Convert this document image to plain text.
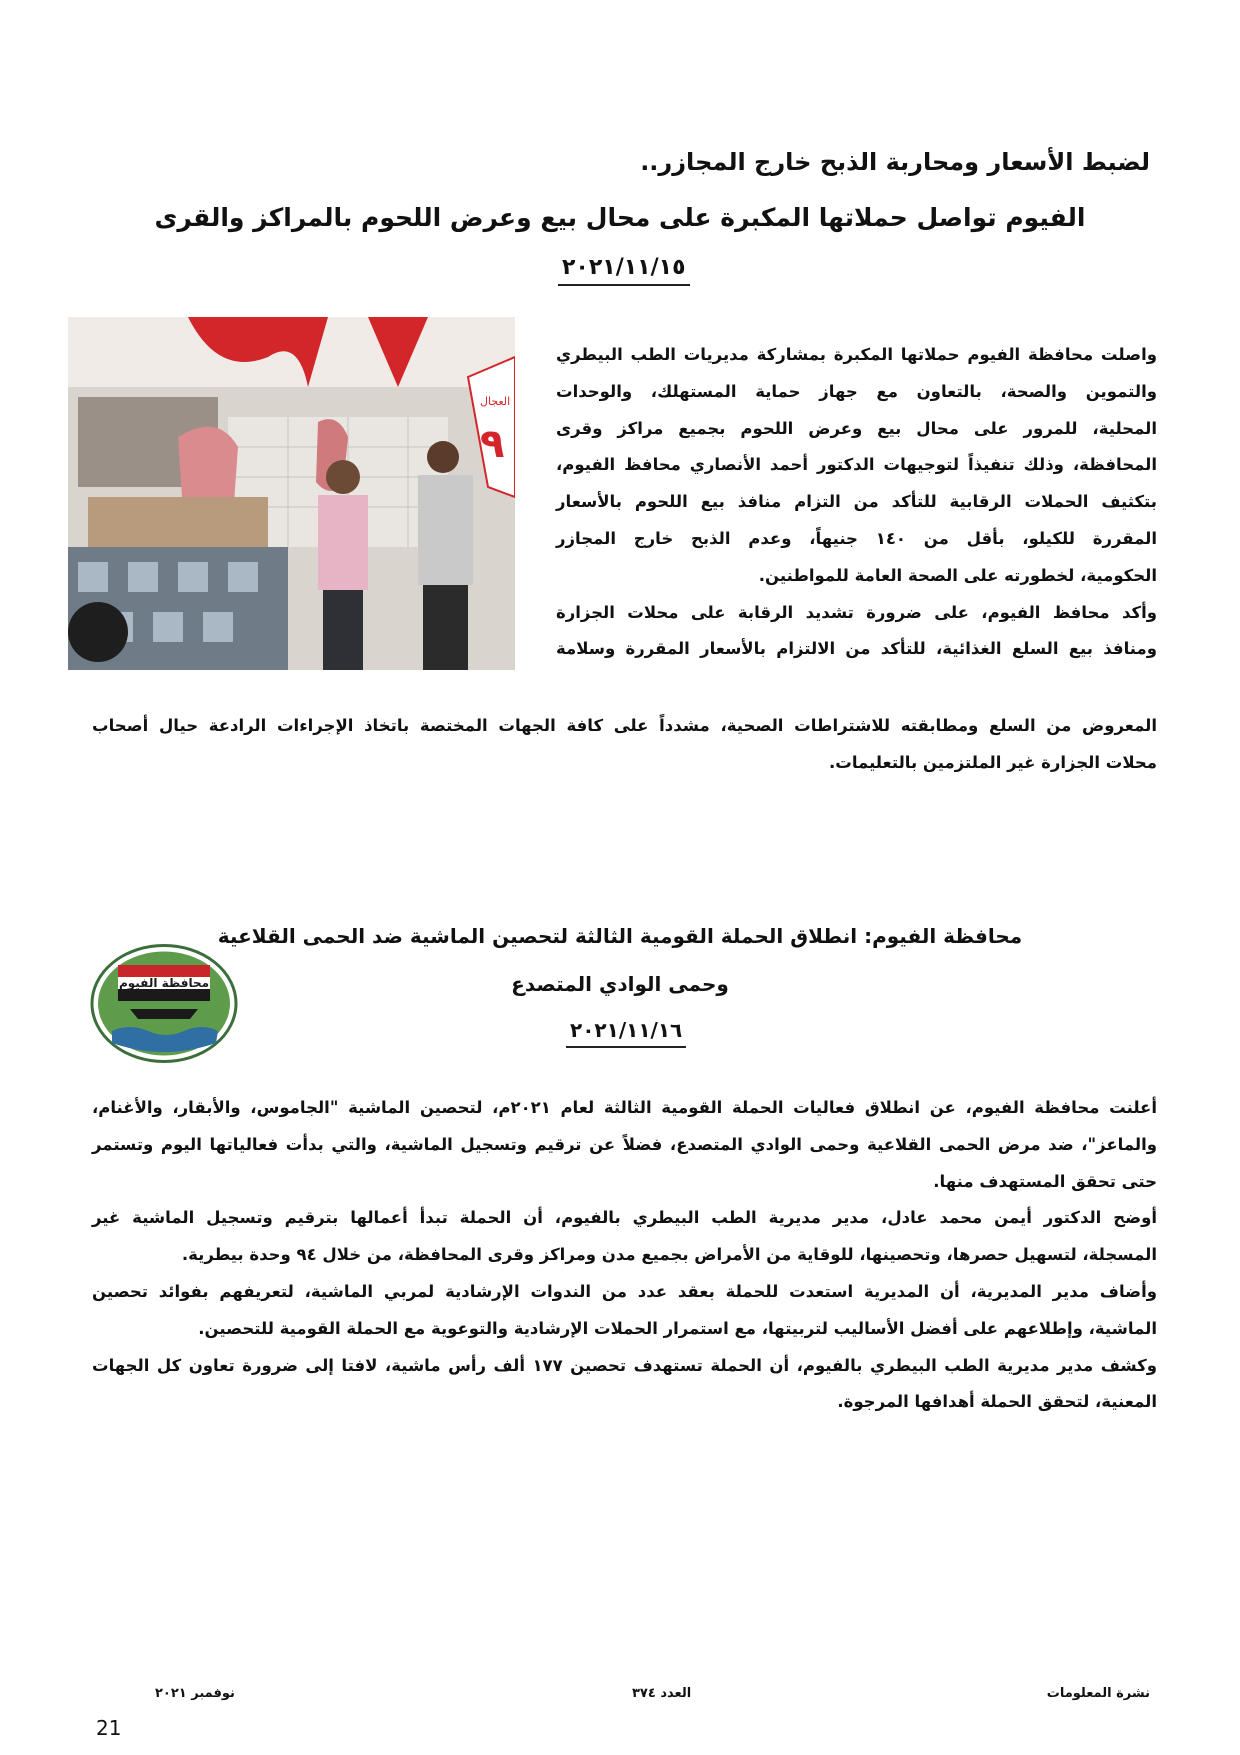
لضبط الأسعار ومحاربة الذبح خارج المجازر..
الفيوم تواصل حملاتها المكبرة على محال بيع وعرض اللحوم بالمراكز والقرى
٢٠٢١/١١/١٥
العجال
٩

واصلت محافظة الفيوم حملاتها المكبرة بمشاركة مديريات الطب البيطري

والتموين والصحة، بالتعاون مع جهاز حماية المستهلك، والوحدات

المحلية، للمرور على محال بيع وعرض اللحوم بجميع مراكز وقرى

المحافظة، وذلك تنفيذاً لتوجيهات الدكتور أحمد الأنصاري محافظ الفيوم،

بتكثيف الحملات الرقابية للتأكد من التزام منافذ بيع اللحوم بالأسعار

المقررة للكيلو، بأقل من ١٤٠ جنيهاً، وعدم الذبح خارج المجازر

الحكومية، لخطورته على الصحة العامة للمواطنين.

وأكد محافظ الفيوم، على ضرورة تشديد الرقابة على محلات الجزارة

ومنافذ بيع السلع الغذائية، للتأكد من الالتزام بالأسعار المقررة وسلامة

المعروض من السلع ومطابقته للاشتراطات الصحية، مشدداً على كافة الجهات المختصة باتخاذ الإجراءات الرادعة حيال أصحاب

محلات الجزارة غير الملتزمين بالتعليمات.

محافظة الفيوم: انطلاق الحملة القومية الثالثة لتحصين الماشية ضد الحمى القلاعية
وحمى الوادي المتصدع
٢٠٢١/١١/١٦
محافظة الفيوم

أعلنت محافظة الفيوم، عن انطلاق فعاليات الحملة القومية الثالثة لعام ٢٠٢١م، لتحصين الماشية "الجاموس، والأبقار، والأغنام،

والماعز"، ضد مرض الحمى القلاعية وحمى الوادي المتصدع، فضلاً عن ترقيم وتسجيل الماشية، والتي بدأت فعالياتها اليوم وتستمر

حتى تحقق المستهدف منها.

أوضح الدكتور أيمن محمد عادل، مدير مديرية الطب البيطري بالفيوم، أن الحملة تبدأ أعمالها بترقيم وتسجيل الماشية غير

المسجلة، لتسهيل حصرها، وتحصينها، للوقاية من الأمراض بجميع مدن ومراكز وقرى المحافظة، من خلال ٩٤ وحدة بيطرية.

وأضاف مدير المديرية، أن المديرية استعدت للحملة بعقد عدد من الندوات الإرشادية لمربي الماشية، لتعريفهم بفوائد تحصين

الماشية، وإطلاعهم على أفضل الأساليب لتربيتها، مع استمرار الحملات الإرشادية والتوعوية مع الحملة القومية للتحصين.

وكشف مدير مديرية الطب البيطري بالفيوم، أن الحملة تستهدف تحصين ١٧٧ ألف رأس ماشية، لافتا إلى ضرورة تعاون كل الجهات

المعنية، لتحقق الحملة أهدافها المرجوة.

نشرة المعلومات
العدد ٣٧٤
نوفمبر ٢٠٢١
21
